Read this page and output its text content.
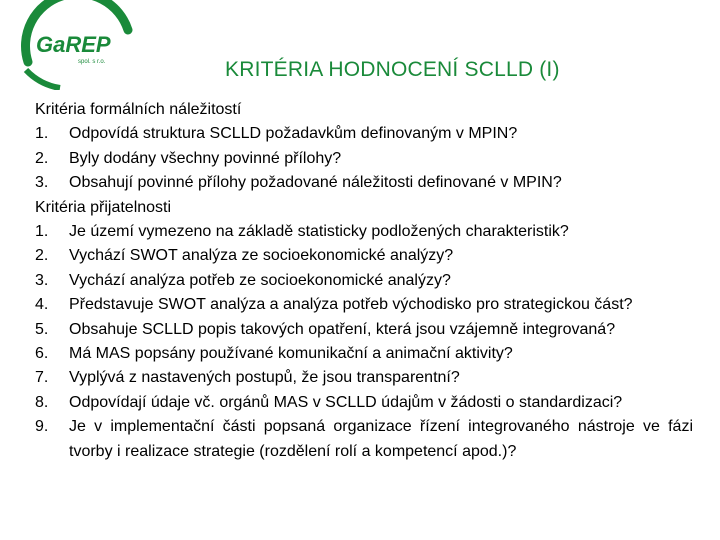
GaREP
spol. s r.o.	KRITÉRIA HODNOCENÍ SCLLD (I)
Kritéria formálních náležitostí
1.	Odpovídá struktura SCLLD požadavkům definovaným v MPIN?
2.	Byly dodány všechny povinné přílohy?
3.	Obsahují povinné přílohy požadované náležitosti definované v MPIN?
Kritéria přijatelnosti
1.	Je území vymezeno na základě statisticky podložených charakteristik?
2.	Vychází SWOT analýza ze socioekonomické analýzy?
3.	Vychází analýza potřeb ze socioekonomické analýzy?
4.	Představuje SWOT analýza a analýza potřeb východisko pro strategickou část?
5.	Obsahuje SCLLD popis takových opatření, která jsou vzájemně integrovaná?
6.	Má MAS popsány používané komunikační a animační aktivity?
7.	Vyplývá z nastavených postupů, že jsou transparentní?
8.	Odpovídají údaje vč. orgánů MAS v SCLLD údajům v žádosti o standardizaci?
9.	Je v implementační části popsaná organizace řízení integrovaného nástroje ve fázi tvorby i realizace strategie (rozdělení rolí a kompetencí apod.)?
